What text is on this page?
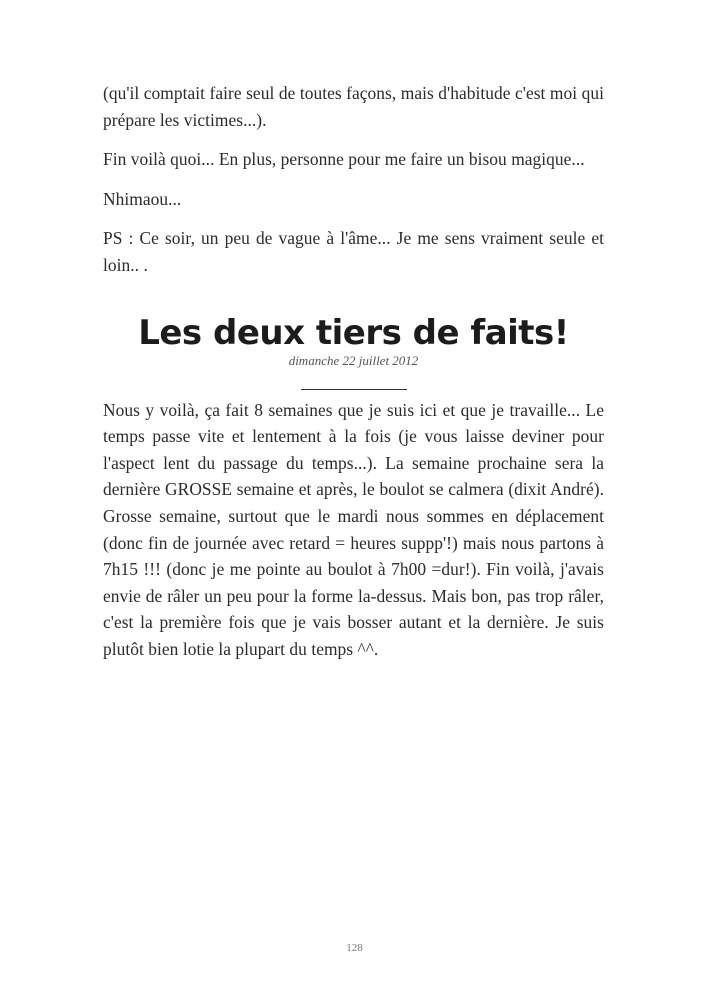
(qu'il comptait faire seul de toutes façons, mais d'habitude c'est moi qui prépare les victimes...).

Fin voilà quoi... En plus, personne pour me faire un bisou magique...

Nhimaou...

PS : Ce soir, un peu de vague à l'âme... Je me sens vraiment seule et loin.. .

Les deux tiers de faits!
dimanche 22 juillet 2012

Nous y voilà, ça fait 8 semaines que je suis ici et que je travaille... Le temps passe vite et lentement à la fois (je vous laisse deviner pour l'aspect lent du passage du temps...). La semaine prochaine sera la dernière GROSSE semaine et après, le boulot se calmera (dixit André). Grosse semaine, surtout que le mardi nous sommes en déplacement (donc fin de journée avec retard = heures suppp'!) mais nous partons à 7h15 !!! (donc je me pointe au boulot à 7h00 =dur!). Fin voilà, j'avais envie de râler un peu pour la forme la-dessus. Mais bon, pas trop râler, c'est la première fois que je vais bosser autant et la dernière. Je suis plutôt bien lotie la plupart du temps ^^.

128
